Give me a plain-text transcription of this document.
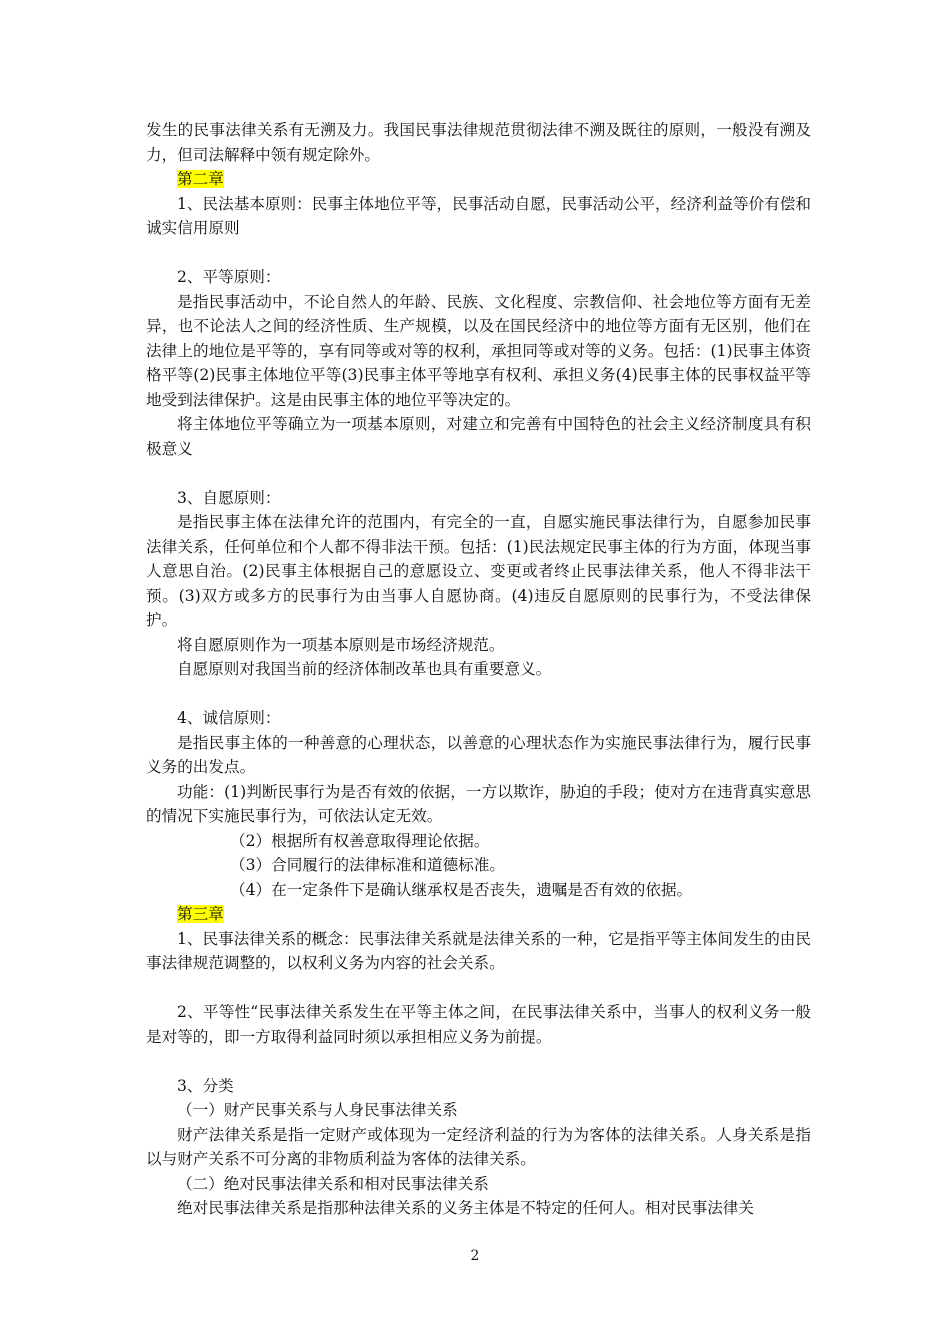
发生的民事法律关系有无溯及力。我国民事法律规范贯彻法律不溯及既往的原则，一般没有溯及力，但司法解释中领有规定除外。

第二章

1、民法基本原则：民事主体地位平等，民事活动自愿，民事活动公平，经济利益等价有偿和诚实信用原则

2、平等原则：

是指民事活动中，不论自然人的年龄、民族、文化程度、宗教信仰、社会地位等方面有无差异，也不论法人之间的经济性质、生产规模，以及在国民经济中的地位等方面有无区别，他们在法律上的地位是平等的，享有同等或对等的权利，承担同等或对等的义务。包括：(1)民事主体资格平等(2)民事主体地位平等(3)民事主体平等地享有权利、承担义务(4)民事主体的民事权益平等地受到法律保护。这是由民事主体的地位平等决定的。

将主体地位平等确立为一项基本原则，对建立和完善有中国特色的社会主义经济制度具有积极意义

3、自愿原则：

是指民事主体在法律允许的范围内，有完全的一直，自愿实施民事法律行为，自愿参加民事法律关系，任何单位和个人都不得非法干预。包括：(1)民法规定民事主体的行为方面，体现当事人意思自治。(2)民事主体根据自己的意愿设立、变更或者终止民事法律关系，他人不得非法干预。(3)双方或多方的民事行为由当事人自愿协商。(4)违反自愿原则的民事行为，不受法律保护。

将自愿原则作为一项基本原则是市场经济规范。

自愿原则对我国当前的经济体制改革也具有重要意义。

4、诚信原则：

是指民事主体的一种善意的心理状态，以善意的心理状态作为实施民事法律行为，履行民事义务的出发点。

功能：(1)判断民事行为是否有效的依据，一方以欺诈，胁迫的手段；使对方在违背真实意思的情况下实施民事行为，可依法认定无效。

（2）根据所有权善意取得理论依据。

（3）合同履行的法律标准和道德标准。

（4）在一定条件下是确认继承权是否丧失，遗嘱是否有效的依据。

第三章

1、民事法律关系的概念：民事法律关系就是法律关系的一种，它是指平等主体间发生的由民事法律规范调整的，以权利义务为内容的社会关系。

2、平等性“民事法律关系发生在平等主体之间，在民事法律关系中，当事人的权利义务一般是对等的，即一方取得利益同时须以承担相应义务为前提。

3、分类

（一）财产民事关系与人身民事法律关系

财产法律关系是指一定财产或体现为一定经济利益的行为为客体的法律关系。人身关系是指以与财产关系不可分离的非物质利益为客体的法律关系。

（二）绝对民事法律关系和相对民事法律关系

绝对民事法律关系是指那种法律关系的义务主体是不特定的任何人。相对民事法律关

2
